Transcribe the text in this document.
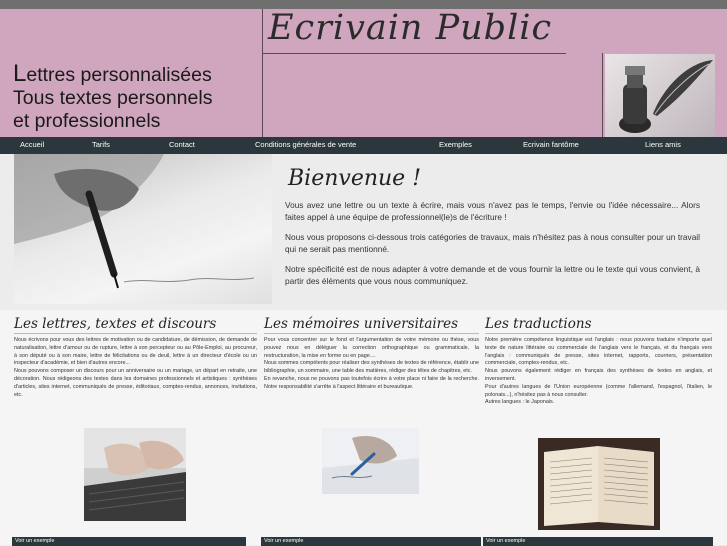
Ecrivain Public
Lettres personnalisées
Tous textes personnels
et professionnels
Accueil	Tarifs	Contact	Conditions générales de vente	Exemples	Ecrivain fantôme	Liens amis
Bienvenue !

Vous avez une lettre ou un texte à écrire, mais vous n'avez pas le temps, l'envie ou l'idée nécessaire... Alors faites appel à une équipe de professionnel(le)s de l'écriture !

Nous vous proposons ci-dessous trois catégories de travaux, mais n'hésitez pas à nous consulter pour un travail qui ne serait pas mentionné.

Notre spécificité est de nous adapter à votre demande et de vous fournir la lettre ou le texte qui vous convient, à partir des éléments que vous nous communiquez.

Les lettres, textes et discours

Nous écrivons pour vous des lettres de motivation ou de candidature, de démission, de demande de naturalisation, lettre d'amour ou de rupture, lettre à son percepteur ou au Pôle-Emploi, au procureur, à son député ou à son maire, lettre de félicitations ou de deuil, lettre à un directeur d'école ou un inspecteur d'académie, et bien d'autres encore...

Nous pouvons composer un discours pour un anniversaire ou un mariage, un départ en retraite, une décoration. Nous rédigeons des textes dans les domaines professionnels et artistiques : synthèses d'articles, sites internet, communiqués de presse, éditoriaux, comptes-rendus, annonces, invitations, etc.

Les mémoires universitaires

Pour vous concentrer sur le fond et l'argumentation de votre mémoire ou thèse, vous pouvez nous en déléguer la correction orthographique ou grammaticale, la restructuration, la mise en forme ou en page....

Nous sommes compétents pour réaliser des synthèses de textes de référence, établir une bibliographie, un sommaire, une table des matières, rédiger des têtes de chapitres, etc.

En revanche, nous ne pouvons pas toutefois écrire à votre place ni faire de la recherche. Notre responsabilité s'arrête à l'aspect littéraire et bureautique.

Les traductions

Notre première compétence linguistique est l'anglais : nous pouvons traduire n'importe quel texte de nature littéraire ou commerciale de l'anglais vers le français, et du français vers l'anglais : communiqués de presse, sites internet, rapports, courriers, présentation commerciale, comptes-rendus, etc.

Nous pouvons également rédiger en français des synthèses de textes en anglais, et inversement.

Pour d'autres langues de l'Union européenne (comme l'allemand, l'espagnol, l'italien, le polonais...), n'hésitez pas à nous consulter.

Autres langues : le Japonais.

Voir un exemple	Voir un exemple	Voir un exemple
